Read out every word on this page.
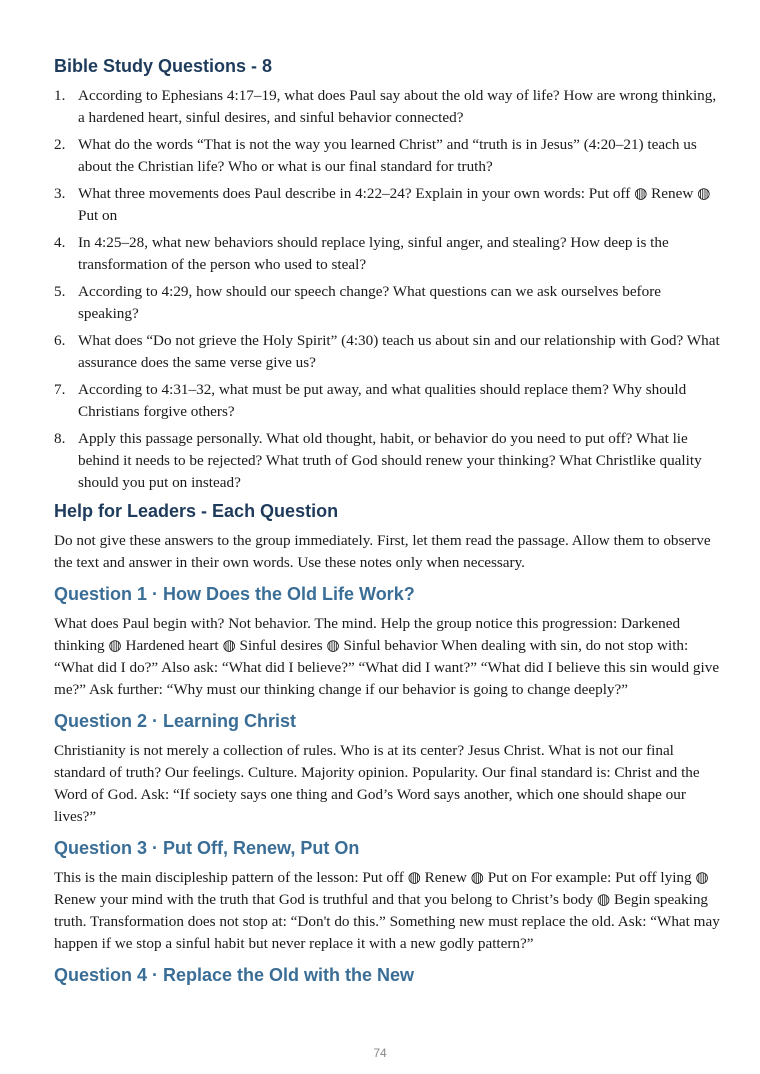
Bible Study Questions - 8
1. According to Ephesians 4:17–19, what does Paul say about the old way of life? How are wrong thinking, a hardened heart, sinful desires, and sinful behavior connected?
2. What do the words “That is not the way you learned Christ” and “truth is in Jesus” (4:20–21) teach us about the Christian life? Who or what is our final standard for truth?
3. What three movements does Paul describe in 4:22–24? Explain in your own words: Put off ◍ Renew ◍ Put on
4. In 4:25–28, what new behaviors should replace lying, sinful anger, and stealing? How deep is the transformation of the person who used to steal?
5. According to 4:29, how should our speech change? What questions can we ask ourselves before speaking?
6. What does “Do not grieve the Holy Spirit” (4:30) teach us about sin and our relationship with God? What assurance does the same verse give us?
7. According to 4:31–32, what must be put away, and what qualities should replace them? Why should Christians forgive others?
8. Apply this passage personally. What old thought, habit, or behavior do you need to put off? What lie behind it needs to be rejected? What truth of God should renew your thinking? What Christlike quality should you put on instead?
Help for Leaders - Each Question

Do not give these answers to the group immediately. First, let them read the passage. Allow them to observe the text and answer in their own words. Use these notes only when necessary.

Question 1 · How Does the Old Life Work?

What does Paul begin with? Not behavior. The mind. Help the group notice this progression: Darkened thinking ◍ Hardened heart ◍ Sinful desires ◍ Sinful behavior When dealing with sin, do not stop with: “What did I do?” Also ask: “What did I believe?” “What did I want?” “What did I believe this sin would give me?” Ask further: “Why must our thinking change if our behavior is going to change deeply?”

Question 2 · Learning Christ

Christianity is not merely a collection of rules. Who is at its center? Jesus Christ. What is not our final standard of truth? Our feelings. Culture. Majority opinion. Popularity. Our final standard is: Christ and the Word of God. Ask: “If society says one thing and God’s Word says another, which one should shape our lives?”

Question 3 · Put Off, Renew, Put On

This is the main discipleship pattern of the lesson: Put off ◍ Renew ◍ Put on For example: Put off lying ◍ Renew your mind with the truth that God is truthful and that you belong to Christ’s body ◍ Begin speaking truth. Transformation does not stop at: “Don't do this.” Something new must replace the old. Ask: “What may happen if we stop a sinful habit but never replace it with a new godly pattern?”

Question 4 · Replace the Old with the New
74
